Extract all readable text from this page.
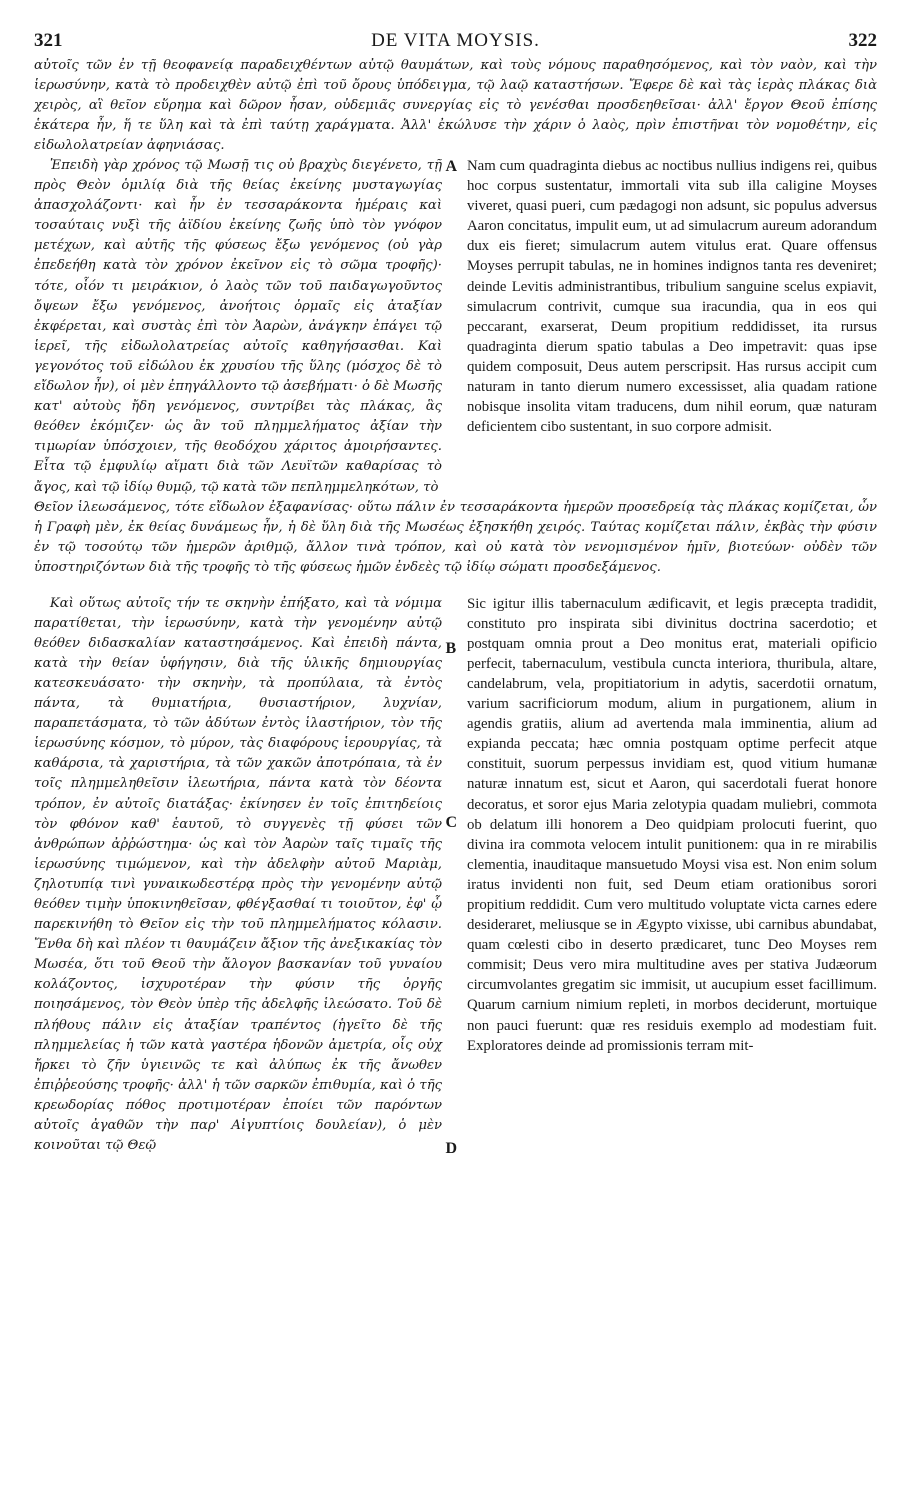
321	DE VITA MOYSIS.	322

αὐτοῖς τῶν ἐν τῇ θεοφανείᾳ παραδειχθέντων αὐτῷ θαυμάτων, καὶ τοὺς νόμους παραθησόμενος, καὶ τὸν ναὸν, καὶ τὴν ἱερωσύνην, κατὰ τὸ προδειχθὲν αὐτῷ ἐπὶ τοῦ ὄρους ὑπόδειγμα, τῷ λαῷ καταστήσων. Ἔφερε δὲ καὶ τὰς ἱερὰς πλάκας διὰ χειρὸς, αἳ θεῖον εὕρημα καὶ δῶρον ἦσαν, οὐδεμιᾶς συνεργίας εἰς τὸ γενέσθαι προσδεηθεῖσαι· ἀλλ' ἔργον Θεοῦ ἐπίσης ἑκάτερα ἦν, ἥ τε ὕλη καὶ τὰ ἐπὶ ταύτῃ χαράγματα. Ἀλλ' ἐκώλυσε τὴν χάριν ὁ λαὸς, πρὶν ἐπιστῆναι τὸν νομοθέτην, εἰς εἰδωλολατρείαν ἀφηνιάσας.

Ἐπειδὴ γὰρ χρόνος τῷ Μωσῇ τις οὐ βραχὺς διεγένετο, τῇ πρὸς Θεὸν ὁμιλίᾳ διὰ τῆς θείας ἐκείνης μυσταγωγίας ἀπασχολάζοντι· καὶ ἦν ἐν τεσσαράκοντα ἡμέραις καὶ τοσαύταις νυξὶ τῆς ἀϊδίου ἐκείνης ζωῆς ὑπὸ τὸν γνόφον μετέχων, καὶ αὐτῆς τῆς φύσεως ἔξω γενόμενος (οὐ γὰρ ἐπεδεήθη κατὰ τὸν χρόνον ἐκεῖνον εἰς τὸ σῶμα τροφῆς)· τότε, οἷόν τι μειράκιον, ὁ λαὸς τῶν τοῦ παιδαγωγοῦντος ὄψεων ἔξω γενόμενος, ἀνοήτοις ὁρμαῖς εἰς ἀταξίαν ἐκφέρεται, καὶ συστὰς ἐπὶ τὸν Ἀαρὼν, ἀνάγκην ἐπάγει τῷ ἱερεῖ, τῆς εἰδωλολατρείας αὐτοῖς καθηγήσασθαι. Καὶ γεγονότος τοῦ εἰδώλου ἐκ χρυσίου τῆς ὕλης (μόσχος δὲ τὸ εἴδωλον ἦν), οἱ μὲν ἐπηγάλλοντο τῷ ἀσεβήματι· ὁ δὲ Μωσῆς κατ' αὐτοὺς ἤδη γενόμενος, συντρίβει τὰς πλάκας, ἃς θεόθεν ἐκόμιζεν· ὡς ἂν τοῦ πλημμελήματος ἀξίαν τὴν τιμωρίαν ὑπόσχοιεν, τῆς θεοδόχου χάριτος ἀμοιρήσαντες. Εἶτα τῷ ἐμφυλίῳ αἵματι διὰ τῶν Λευϊτῶν καθαρίσας τὸ ἄγος, καὶ τῷ ἰδίῳ θυμῷ, τῷ κατὰ τῶν πεπλημμεληκότων, τὸ

A
B

Nam cum quadraginta diebus ac noctibus nullius indigens rei, quibus hoc corpus sustentatur, immortali vita sub illa caligine Moyses viveret, quasi pueri, cum pædagogi non adsunt, sic populus adversus Aaron concitatus, impulit eum, ut ad simulacrum aureum adorandum dux eis fieret; simulacrum autem vitulus erat. Quare offensus Moyses perrupit tabulas, ne in homines indignos tanta res deveniret; deinde Levitis administrantibus, tribulium sanguine scelus expiavit, simulacrum contrivit, cumque sua iracundia, qua in eos qui peccarant, exarserat, Deum propitium reddidisset, ita rursus quadraginta dierum spatio tabulas a Deo impetravit: quas ipse quidem composuit, Deus autem perscripsit. Has rursus accipit cum naturam in tanto dierum numero excessisset, alia quadam ratione nobisque insolita vitam traducens, dum nihil eorum, quæ naturam deficientem cibo sustentant, in suo corpore admisit.

Θεῖον ἱλεωσάμενος, τότε εἴδωλον ἐξαφανίσας· οὕτω πάλιν ἐν τεσσαράκοντα ἡμερῶν προσεδρείᾳ τὰς πλάκας κομίζεται, ὧν ἡ Γραφὴ μὲν, ἐκ θείας δυνάμεως ἦν, ἡ δὲ ὕλη διὰ τῆς Μωσέως ἐξησκήθη χειρός. Ταύτας κομίζεται πάλιν, ἐκβὰς τὴν φύσιν ἐν τῷ τοσούτῳ τῶν ἡμερῶν ἀριθμῷ, ἄλλον τινὰ τρόπον, καὶ οὐ κατὰ τὸν νενομισμένον ἡμῖν, βιοτεύων· οὐδὲν τῶν ὑποστηριζόντων διὰ τῆς τροφῆς τὸ τῆς φύσεως ἡμῶν ἐνδεὲς τῷ ἰδίῳ σώματι προσδεξάμενος.

Καὶ οὕτως αὐτοῖς τήν τε σκηνὴν ἐπήξατο, καὶ τὰ νόμιμα παρατίθεται, τὴν ἱερωσύνην, κατὰ τὴν γενομένην αὐτῷ θεόθεν διδασκαλίαν καταστησάμενος. Καὶ ἐπειδὴ πάντα, κατὰ τὴν θείαν ὑφήγησιν, διὰ τῆς ὑλικῆς δημιουργίας κατεσκευάσατο· τὴν σκηνὴν, τὰ προπύλαια, τὰ ἐντὸς πάντα, τὰ θυμιατήρια, θυσιαστήριον, λυχνίαν, παραπετάσματα, τὸ τῶν ἀδύτων ἐντὸς ἱλαστήριον, τὸν τῆς ἱερωσύνης κόσμον, τὸ μύρον, τὰς διαφόρους ἱερουργίας, τὰ καθάρσια, τὰ χαριστήρια, τὰ τῶν χακῶν ἀποτρόπαια, τὰ ἐν τοῖς πλημμεληθεῖσιν ἱλεωτήρια, πάντα κατὰ τὸν δέοντα τρόπον, ἐν αὐτοῖς διατάξας· ἐκίνησεν ἐν τοῖς ἐπιτηδείοις τὸν φθόνον καθ' ἑαυτοῦ, τὸ συγγενὲς τῇ φύσει τῶν ἀνθρώπων ἀῤῥώστημα· ὡς καὶ τὸν Ἀαρὼν ταῖς τιμαῖς τῆς ἱερωσύνης τιμώμενον, καὶ τὴν ἀδελφὴν αὐτοῦ Μαριὰμ, ζηλοτυπίᾳ τινὶ γυναικωδεστέρᾳ πρὸς τὴν γενομένην αὐτῷ θεόθεν τιμὴν ὑποκινηθεῖσαν, φθέγξασθαί τι τοιοῦτον, ἐφ' ᾧ παρεκινήθη τὸ Θεῖον εἰς τὴν τοῦ πλημμελήματος κόλασιν. Ἔνθα δὴ καὶ πλέον τι θαυμάζειν ἄξιον τῆς ἀνεξικακίας τὸν Μωσέα, ὅτι τοῦ Θεοῦ τὴν ἄλογον βασκανίαν τοῦ γυναίου κολάζοντος, ἰσχυροτέραν τὴν φύσιν τῆς ὀργῆς ποιησάμενος, τὸν Θεὸν ὑπὲρ τῆς ἀδελφῆς ἱλεώσατο. Τοῦ δὲ πλήθους πάλιν εἰς ἀταξίαν τραπέντος (ἡγεῖτο δὲ τῆς πλημμελείας ἡ τῶν κατὰ γαστέρα ἡδονῶν ἀμετρία, οἷς οὐχ ἤρκει τὸ ζῆν ὑγιεινῶς τε καὶ ἀλύπως ἐκ τῆς ἄνωθεν ἐπιῤῥεούσης τροφῆς· ἀλλ' ἡ τῶν σαρκῶν ἐπιθυμία, καὶ ὁ τῆς κρεωδορίας πόθος προτιμοτέραν ἐποίει τῶν παρόντων αὐτοῖς ἀγαθῶν τὴν παρ' Αἰγυπτίοις δουλείαν), ὁ μὲν κοινοῦται τῷ Θεῷ

C
D

Sic igitur illis tabernaculum ædificavit, et legis præcepta tradidit, constituto pro inspirata sibi divinitus doctrina sacerdotio; et postquam omnia prout a Deo monitus erat, materiali opificio perfecit, tabernaculum, vestibula cuncta interiora, thuribula, altare, candelabrum, vela, propitiatorium in adytis, sacerdotii ornatum, varium sacrificiorum modum, alium in purgationem, alium in agendis gratiis, alium ad avertenda mala imminentia, alium ad expianda peccata; hæc omnia postquam optime perfecit atque constituit, suorum perpessus invidiam est, quod vitium humanæ naturæ innatum est, sicut et Aaron, qui sacerdotali fuerat honore decoratus, et soror ejus Maria zelotypia quadam muliebri, commota ob delatum illi honorem a Deo quidpiam prolocuti fuerint, quo divina ira commota velocem intulit punitionem: qua in re mirabilis clementia, inauditaque mansuetudo Moysi visa est. Non enim solum iratus invidenti non fuit, sed Deum etiam orationibus sorori propitium reddidit. Cum vero multitudo voluptate victa carnes edere desideraret, meliusque se in Ægypto vixisse, ubi carnibus abundabat, quam cœlesti cibo in deserto prædicaret, tunc Deo Moyses rem commisit; Deus vero mira multitudine aves per stativa Judæorum circumvolantes gregatim sic immisit, ut aucupium esset facillimum. Quarum carnium nimium repleti, in morbos deciderunt, mortuique non pauci fuerunt: quæ res residuis exemplo ad modestiam fuit. Exploratores deinde ad promissionis terram mit-
